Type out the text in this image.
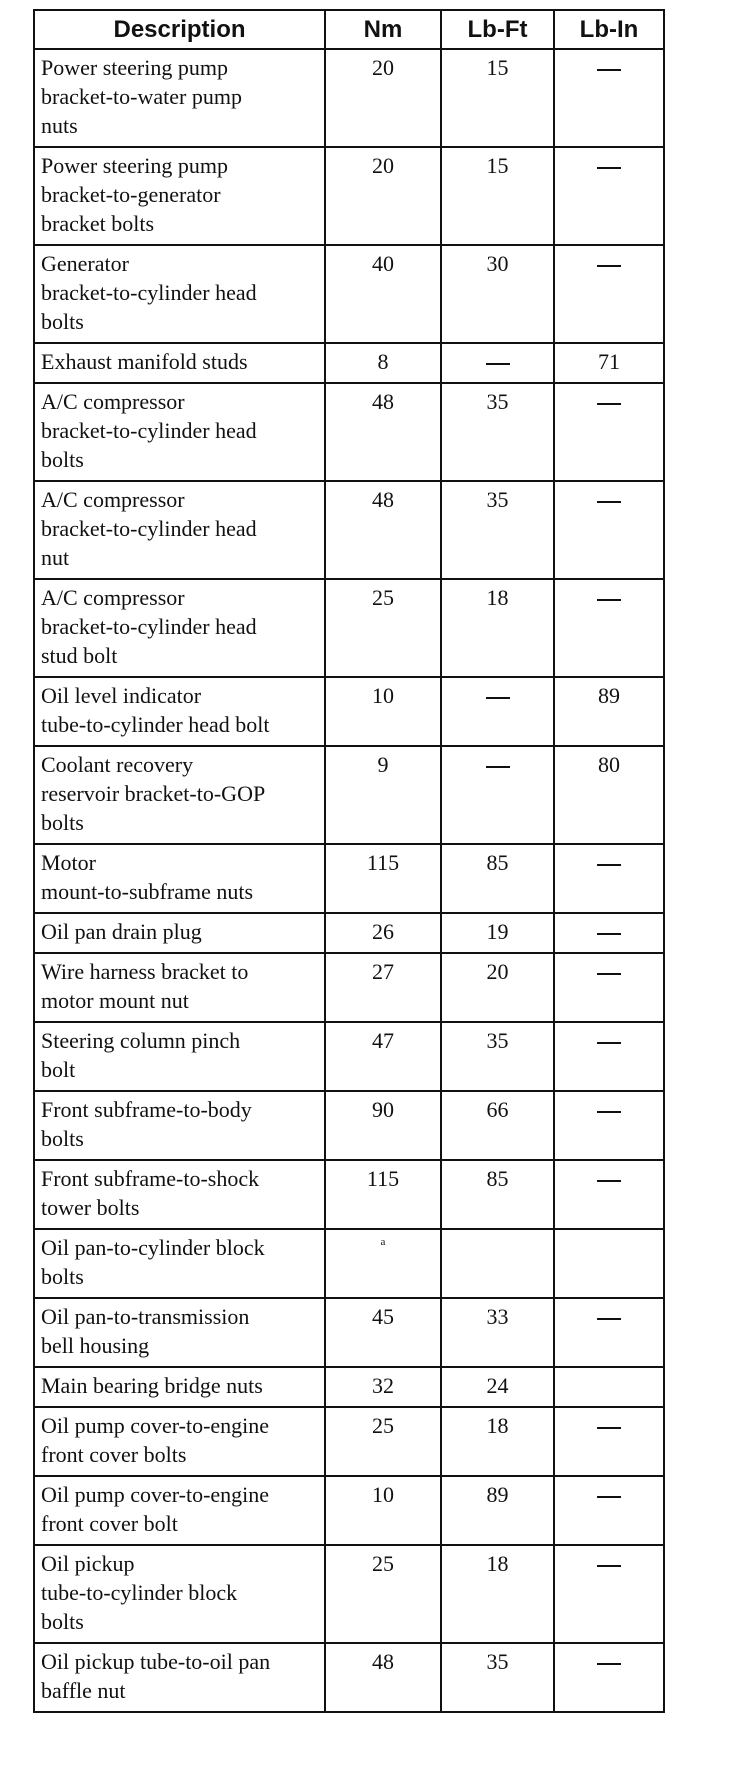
Description	Nm	Lb-Ft	Lb-In

Power steering pump
bracket-to-water pump
nuts	20	15	

Power steering pump
bracket-to-generator
bracket bolts	20	15	

Generator
bracket-to-cylinder head
bolts	40	30	

Exhaust manifold studs	8		71

A/C compressor
bracket-to-cylinder head
bolts	48	35	

A/C compressor
bracket-to-cylinder head
nut	48	35	

A/C compressor
bracket-to-cylinder head
stud bolt	25	18	

Oil level indicator
tube-to-cylinder head bolt	10		89

Coolant recovery
reservoir bracket-to-GOP
bolts	9		80

Motor
mount-to-subframe nuts	115	85	

Oil pan drain plug	26	19	

Wire harness bracket to
motor mount nut	27	20	

Steering column pinch
bolt	47	35	

Front subframe-to-body
bolts	90	66	

Front subframe-to-shock
tower bolts	115	85	

Oil pan-to-cylinder block
bolts	$^a$		

Oil pan-to-transmission
bell housing	45	33	

Main bearing bridge nuts	32	24	

Oil pump cover-to-engine
front cover bolts	25	18	

Oil pump cover-to-engine
front cover bolt	10	89	

Oil pickup
tube-to-cylinder block
bolts	25	18	

Oil pickup tube-to-oil pan
baffle nut	48	35	
